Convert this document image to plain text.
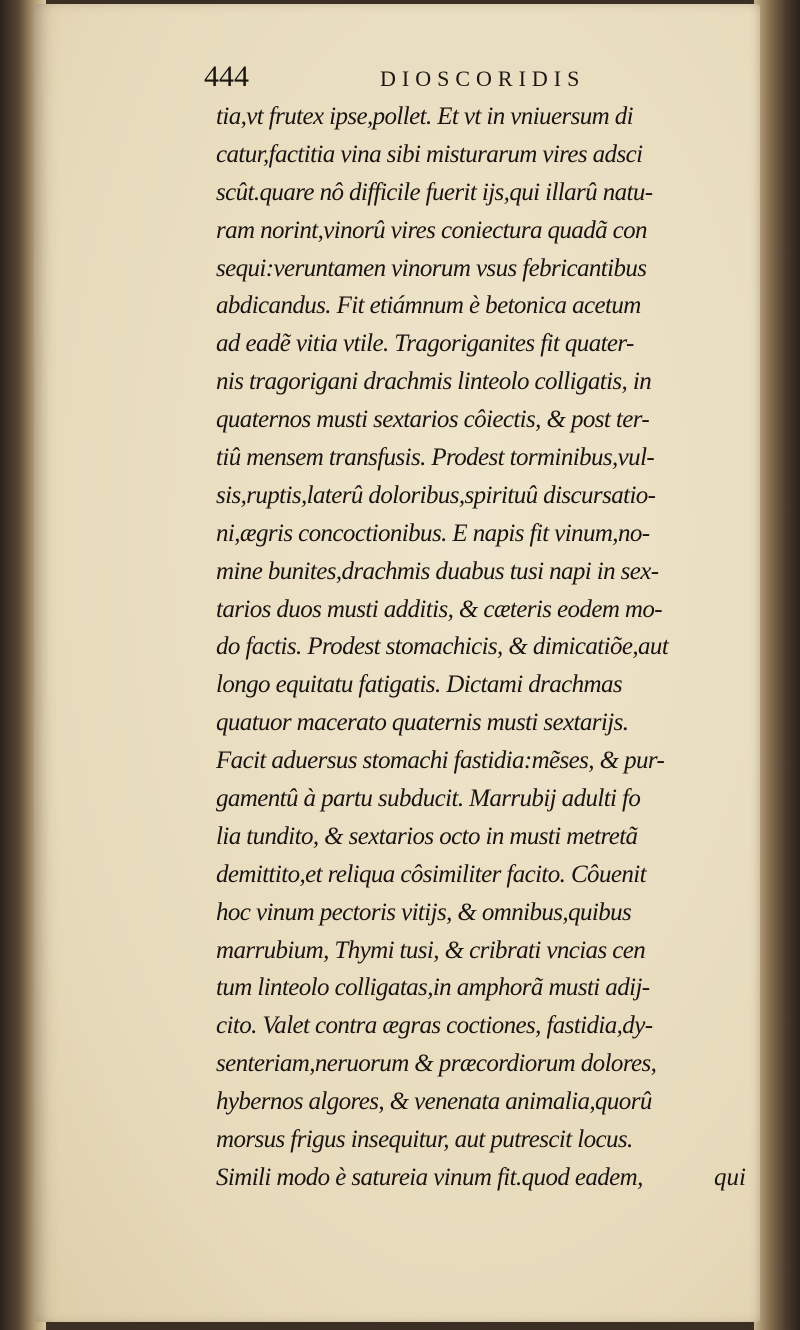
444	DIOSCORIDIS
tia,vt frutex ipse,pollet. Et vt in vniuersum di
catur,factitia vina sibi misturarum vires adsci
scût.quare nô difficile fuerit ijs,qui illarû natu-
ram norint,vinorû vires coniectura quadã con
sequi:veruntamen vinorum vsus febricantibus
abdicandus. Fit etiámnum è betonica acetum
ad eadẽ vitia vtile. Tragoriganites fit quater-
nis tragorigani drachmis linteolo colligatis, in
quaternos musti sextarios côiectis, & post ter-
tiû mensem transfusis. Prodest torminibus,vul-
sis,ruptis,laterû doloribus,spirituû discursatio-
ni,ægris concoctionibus. E napis fit vinum,no-
mine bunites,drachmis duabus tusi napi in sex-
tarios duos musti additis, & cæteris eodem mo-
do factis. Prodest stomachicis, & dimicatiõe,aut
longo equitatu fatigatis. Dictami drachmas
quatuor macerato quaternis musti sextarijs.
Facit aduersus stomachi fastidia:mẽses, & pur-
gamentû à partu subducit. Marrubij adulti fo
lia tundito, & sextarios octo in musti metretã
demittito,et reliqua côsimiliter facito. Côuenit
hoc vinum pectoris vitijs, & omnibus,quibus
marrubium, Thymi tusi, & cribrati vncias cen
tum linteolo colligatas,in amphorã musti adij-
cito. Valet contra ægras coctiones, fastidia,dy-
senteriam,neruorum & præcordiorum dolores,
hybernos algores, & venenata animalia,quorû
morsus frigus insequitur, aut putrescit locus.
Simili modo è satureia vinum fit.quod eadem,	qui
